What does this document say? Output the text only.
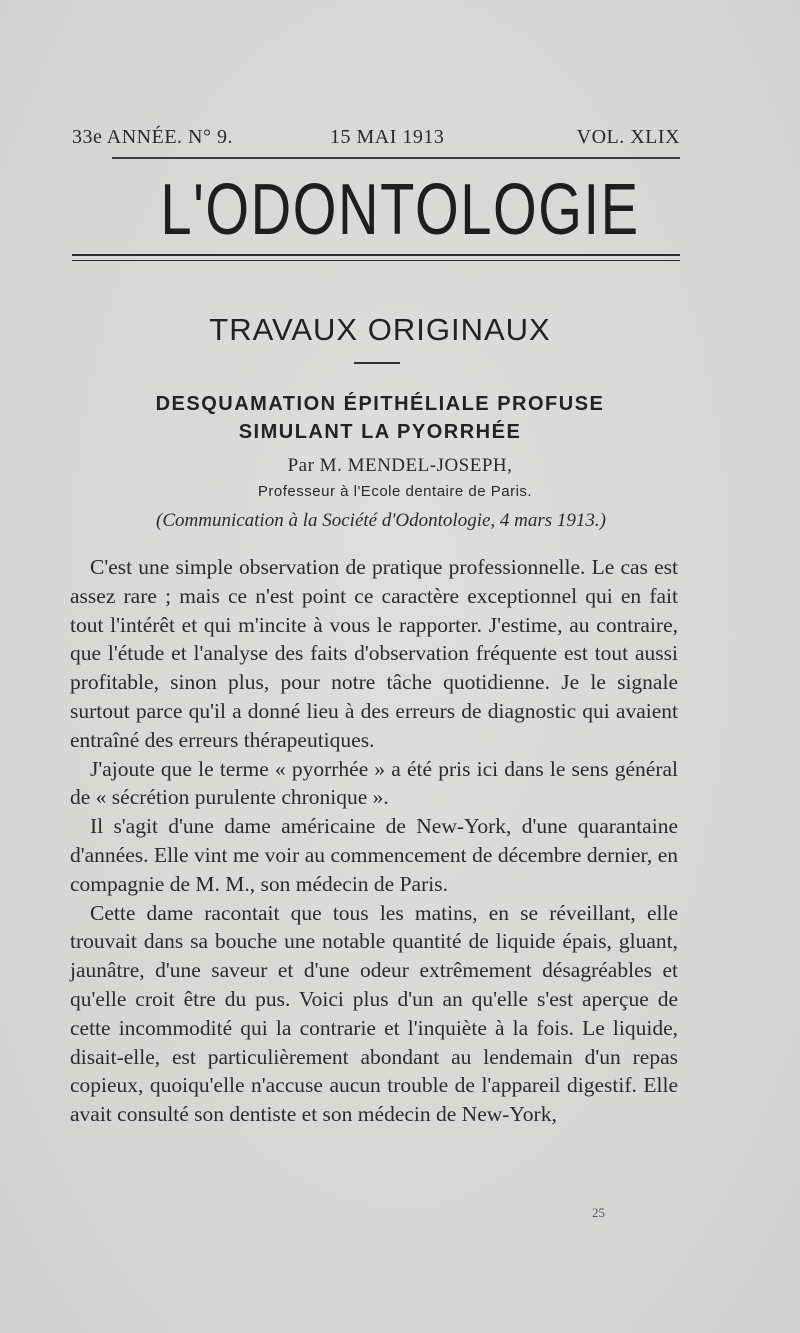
33e ANNÉE. N° 9.	15 MAI 1913	VOL. XLIX
L'ODONTOLOGIE
TRAVAUX ORIGINAUX
DESQUAMATION ÉPITHÉLIALE PROFUSE
SIMULANT LA PYORRHÉE
Par M. MENDEL-JOSEPH,
Professeur à l'Ecole dentaire de Paris.
(Communication à la Société d'Odontologie, 4 mars 1913.)

C'est une simple observation de pratique professionnelle. Le cas est assez rare ; mais ce n'est point ce caractère exceptionnel qui en fait tout l'intérêt et qui m'incite à vous le rapporter. J'estime, au contraire, que l'étude et l'analyse des faits d'observation fréquente est tout aussi profitable, sinon plus, pour notre tâche quotidienne. Je le signale surtout parce qu'il a donné lieu à des erreurs de diagnostic qui avaient entraîné des erreurs thérapeutiques.

J'ajoute que le terme « pyorrhée » a été pris ici dans le sens général de « sécrétion purulente chronique ».

Il s'agit d'une dame américaine de New-York, d'une quarantaine d'années. Elle vint me voir au commencement de décembre dernier, en compagnie de M. M., son médecin de Paris.

Cette dame racontait que tous les matins, en se réveillant, elle trouvait dans sa bouche une notable quantité de liquide épais, gluant, jaunâtre, d'une saveur et d'une odeur extrêmement désagréables et qu'elle croit être du pus. Voici plus d'un an qu'elle s'est aperçue de cette incommodité qui la contrarie et l'inquiète à la fois. Le liquide, disait-elle, est particulièrement abondant au lendemain d'un repas copieux, quoiqu'elle n'accuse aucun trouble de l'appareil digestif. Elle avait consulté son dentiste et son médecin de New-York,

25
